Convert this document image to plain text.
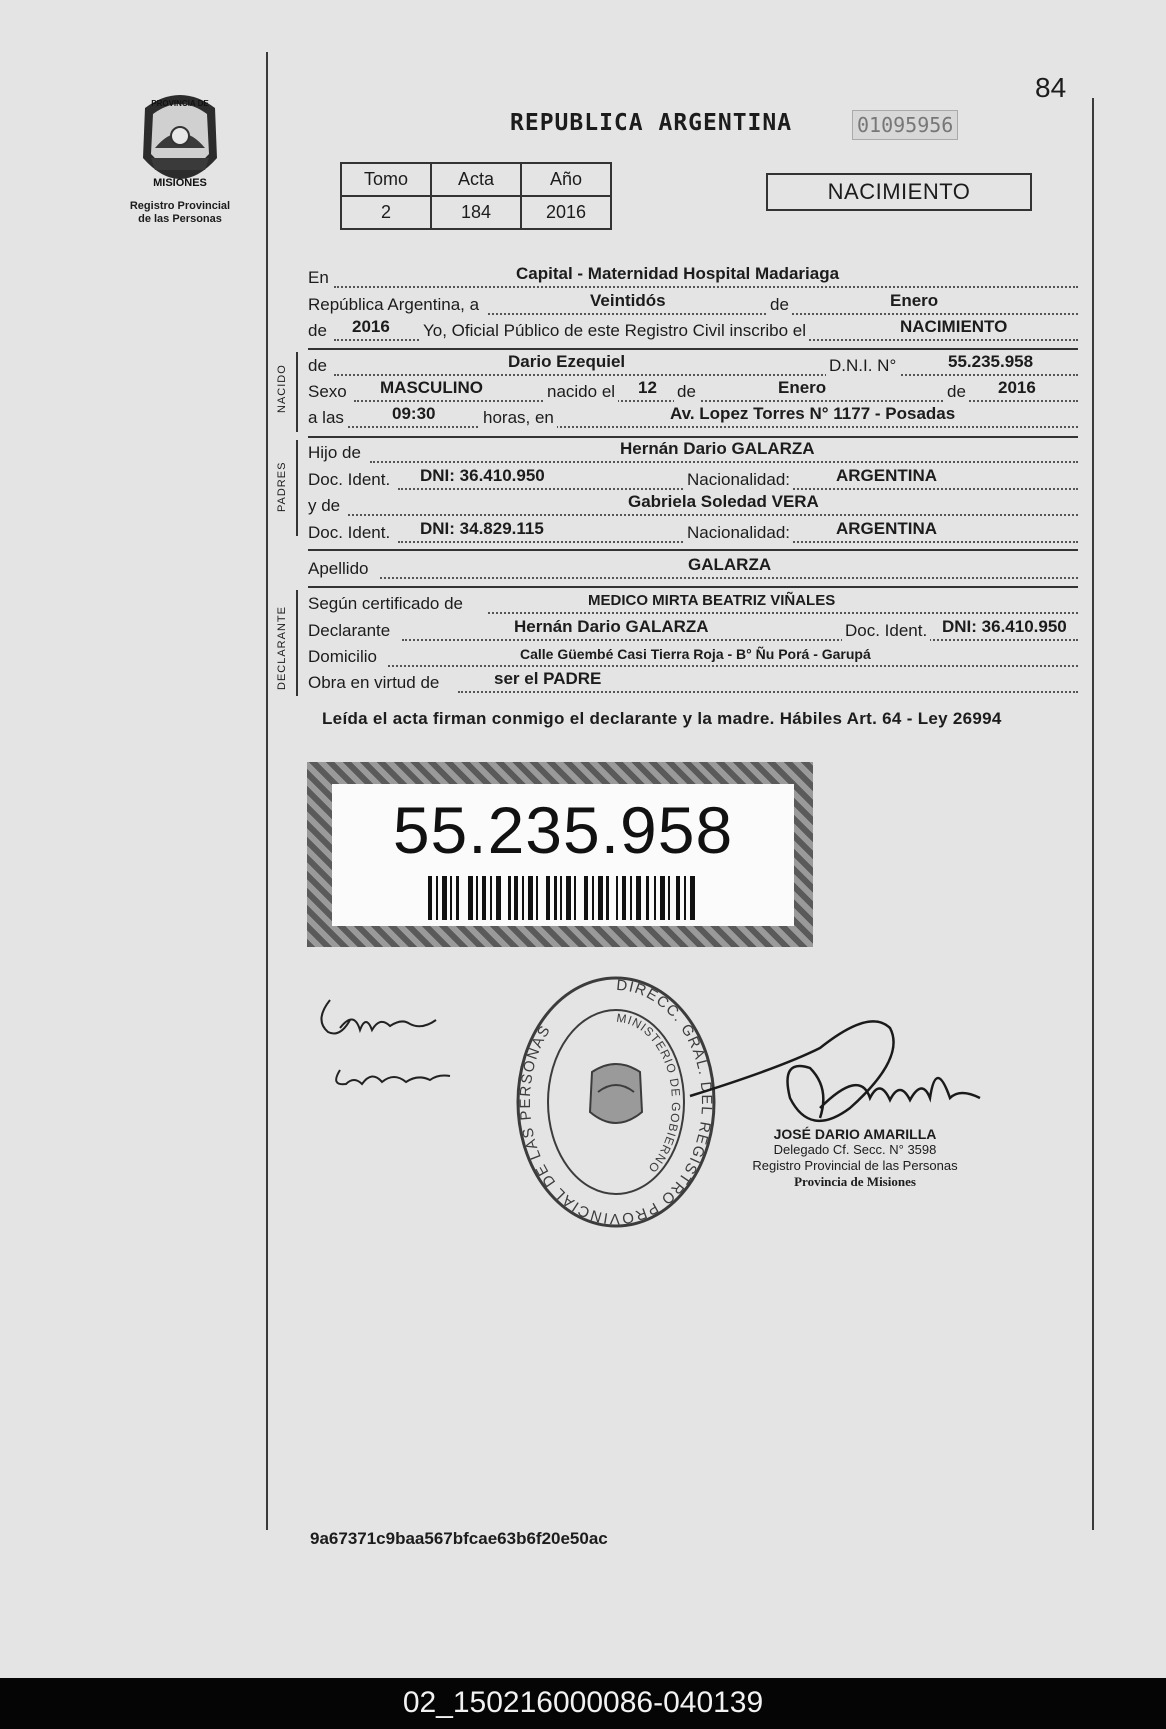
PROVINCIA DE
MISIONES
Registro Provincial
de las Personas
84
REPUBLICA ARGENTINA	01095956
Tomo	Acta	Año
2	184	2016
NACIMIENTO
En	Capital - Maternidad Hospital Madariaga
República Argentina, a	Veintidós	de	Enero
de 2016 Yo, Oficial Público de este Registro Civil inscribo el	NACIMIENTO
NACIDO de	Dario Ezequiel	D.N.I. N°	55.235.958
Sexo MASCULINO	nacido el 12 de	Enero	de 2016
a las	09:30	horas, en	Av. Lopez Torres N° 1177 - Posadas
PADRES
Hijo de	Hernán Dario GALARZA
Doc. Ident. DNI: 36.410.950	Nacionalidad:	ARGENTINA
y de	Gabriela Soledad VERA
Doc. Ident. DNI: 34.829.115	Nacionalidad:	ARGENTINA
Apellido	GALARZA
DECLARANTE
Según certificado de	MEDICO MIRTA BEATRIZ VIÑALES
Declarante	Hernán Dario GALARZA	Doc. Ident. DNI: 36.410.950
Domicilio	Calle Güembé Casi Tierra Roja - B° Ñu Porá - Garupá
Obra en virtud de	ser el PADRE
Leída el acta firman conmigo el declarante y la madre. Hábiles Art. 64 - Ley 26994
55.235.958
DIRECC. GRAL. DEL REGISTRO PROVINCIAL DE LAS PERSONAS
MINISTERIO DE GOBIERNO
JOSÉ DARIO AMARILLA
Delegado Cf. Secc. N° 3598
Registro Provincial de las Personas
Provincia de Misiones
9a67371c9baa567bfcae63b6f20e50ac
02_150216000086-040139
